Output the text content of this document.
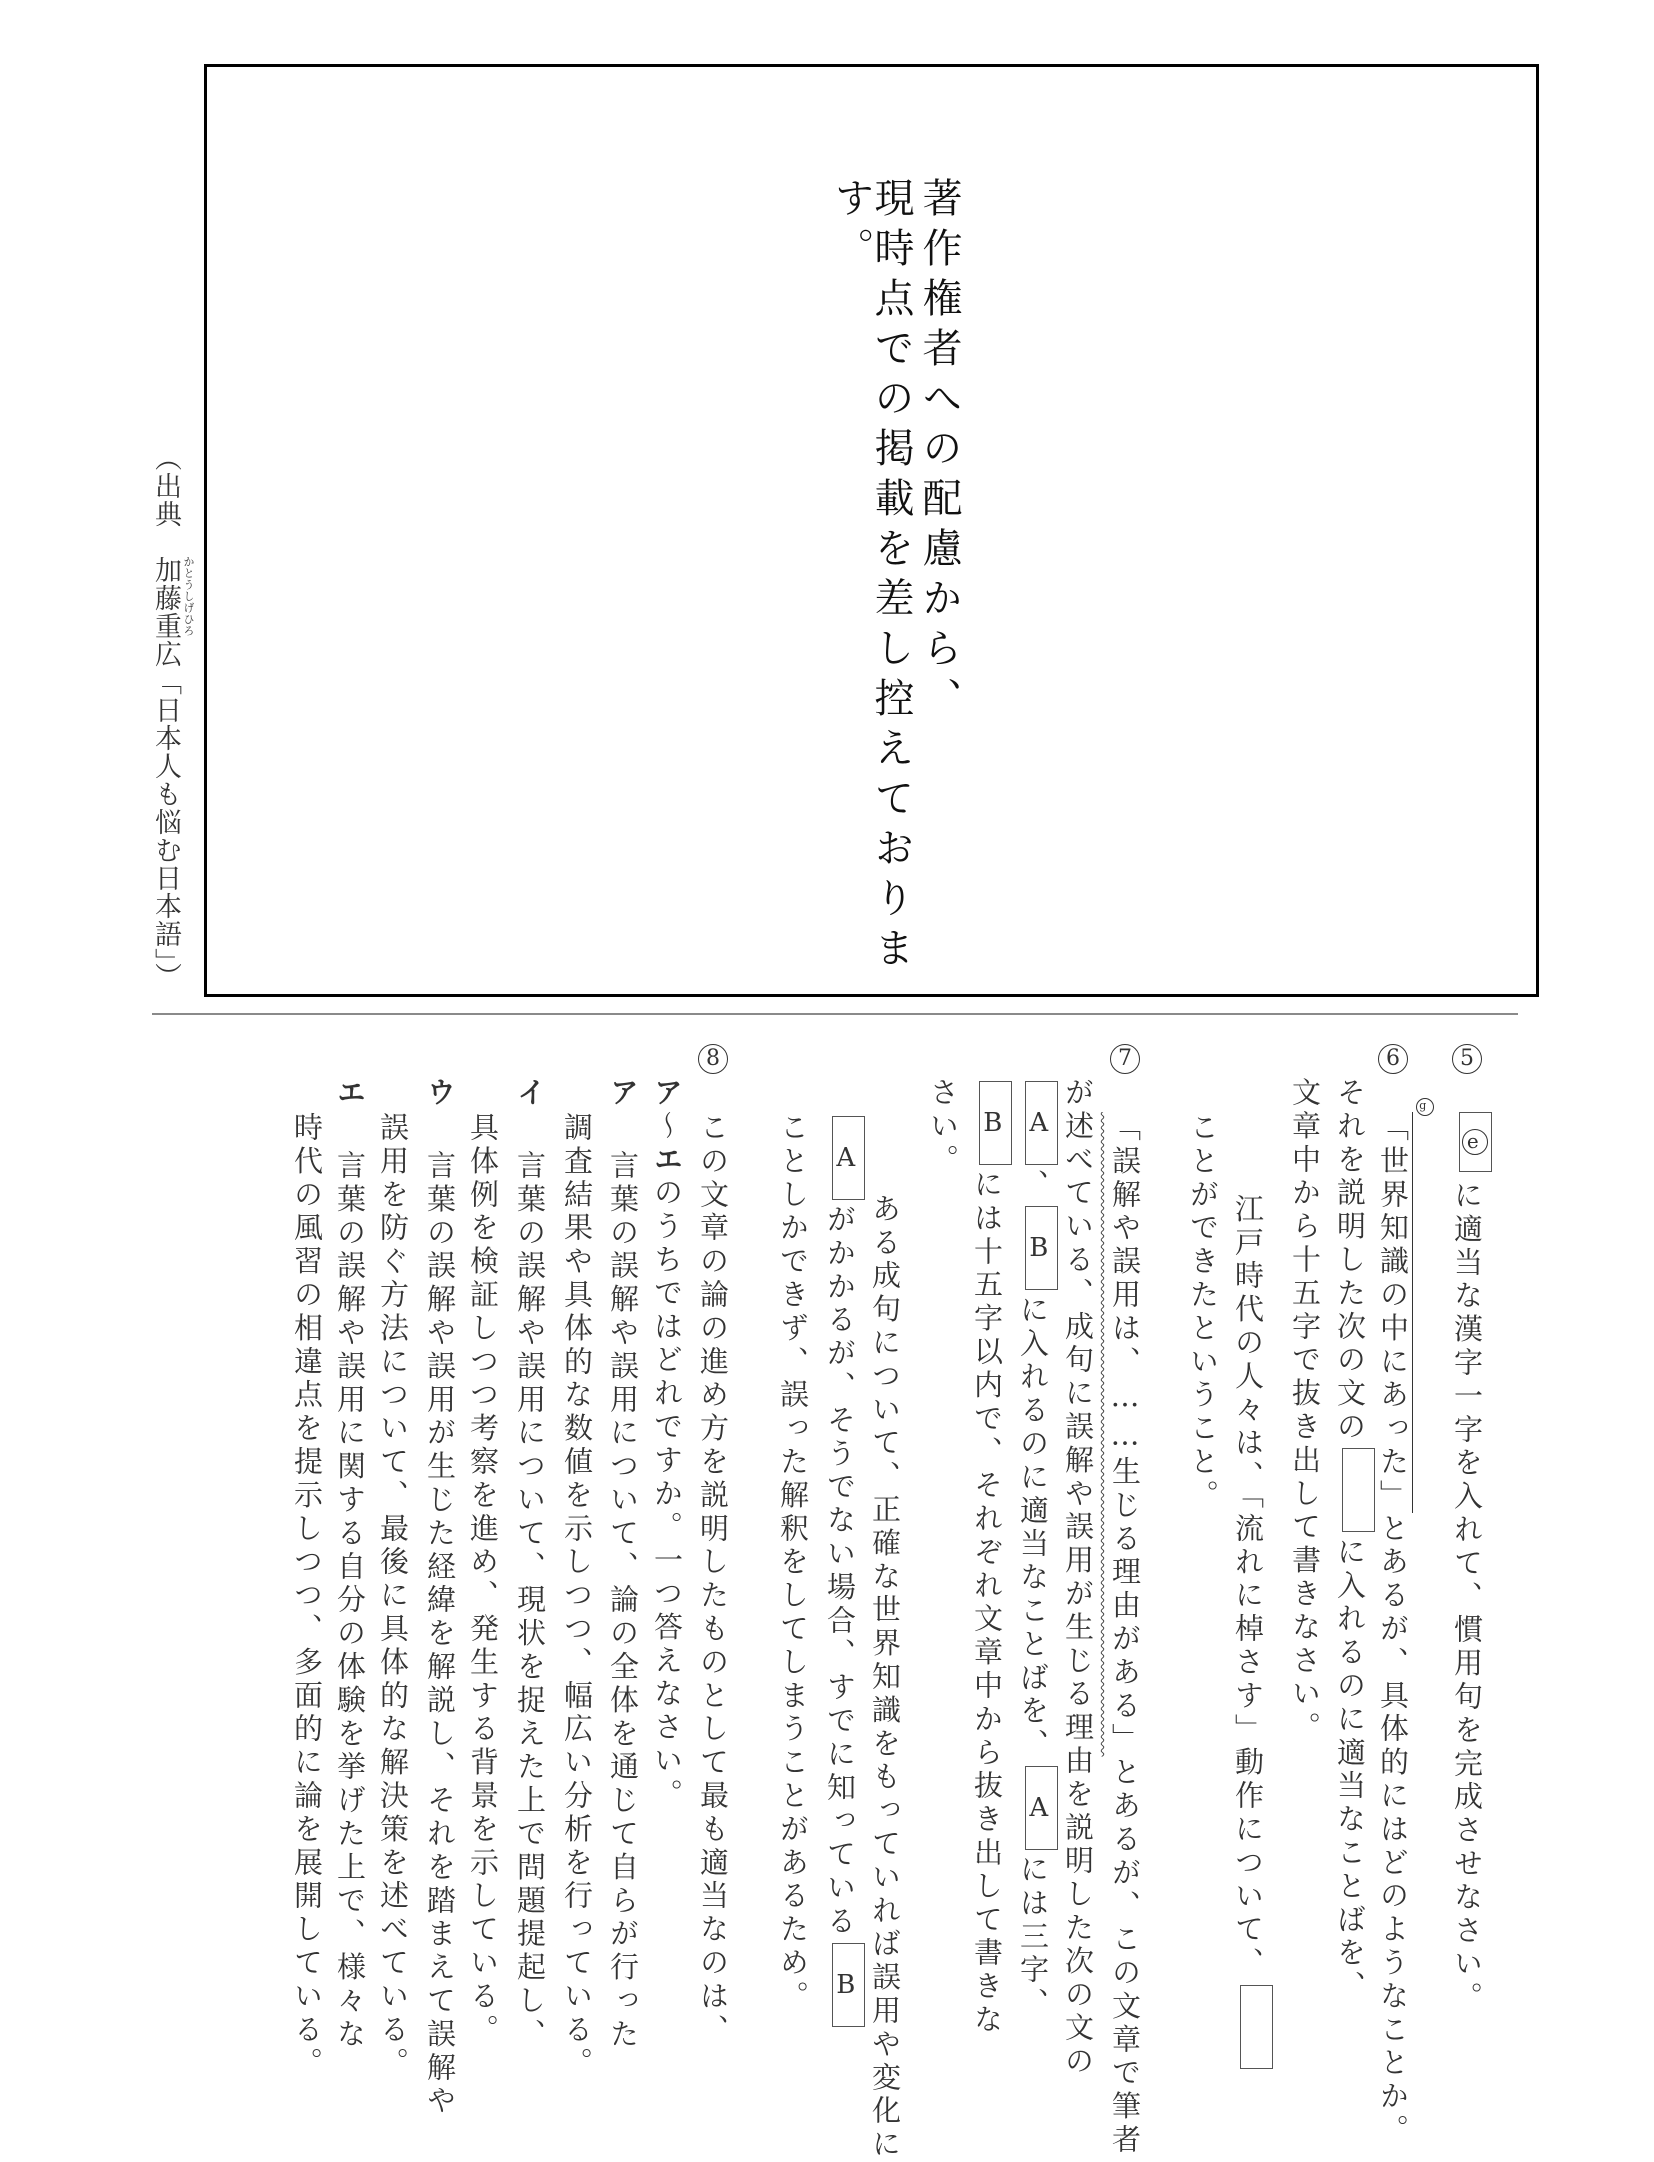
著作権者への配慮から、
現時点での掲載を差し控えております。
（出典　加藤重広 かとうしげひろ
「日本人も悩む日本語」）
5
e
に適当な漢字一字を入れて、慣用句を完成させなさい。
6
「世界知識の中にあった」
g
とあるが、具体的にはどのようなことか。
それを説明した次の文のに入れるのに適当なことばを、
文章中から十五字で抜き出して書きなさい。
　江戸時代の人々は、「流れに棹さす」動作について、
ことができたということ。
7
「誤解や誤用は、……生じる理由がある」とあるが、この文章で筆者
が述べている、成句に誤解や誤用が生じる理由を説明した次の文の
A
、
B
に入れるのに適当なことばを、
A
には三字、
B
には十五字以内で、それぞれ文章中から抜き出して書きな
さい。
　ある成句について、正確な世界知識をもっていれば誤用や変化に
A
がかかるが、そうでない場合、すでに知っている
B
ことしかできず、誤った解釈をしてしまうことがあるため。
8
この文章の論の進め方を説明したものとして最も適当なのは、
ア～エのうちではどれですか。一つ答えなさい。
ア
言葉の誤解や誤用について、論の全体を通じて自らが行った
調査結果や具体的な数値を示しつつ、幅広い分析を行っている。
イ
言葉の誤解や誤用について、現状を捉えた上で問題提起し、
具体例を検証しつつ考察を進め、発生する背景を示している。
ウ
言葉の誤解や誤用が生じた経緯を解説し、それを踏まえて誤解や
誤用を防ぐ方法について、最後に具体的な解決策を述べている。
エ
言葉の誤解や誤用に関する自分の体験を挙げた上で、様々な
時代の風習の相違点を提示しつつ、多面的に論を展開している。
